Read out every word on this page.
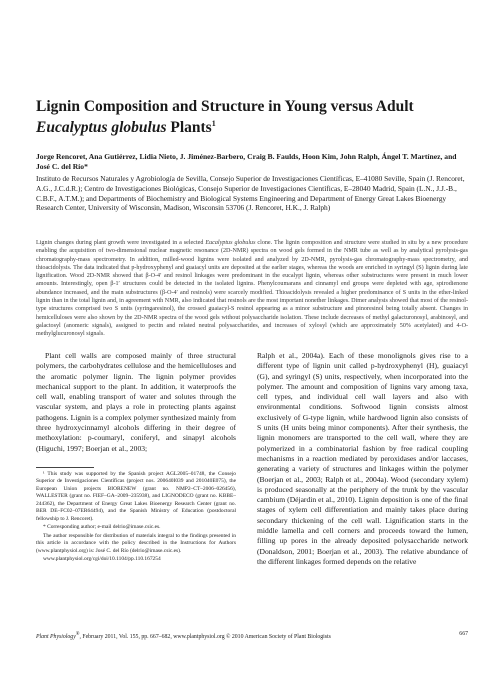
Lignin Composition and Structure in Young versus Adult
Eucalyptus globulus Plants$^1$
Jorge Rencoret, Ana Gutiérrez, Lidia Nieto, J. Jiménez-Barbero, Craig B. Faulds, Hoon Kim, John Ralph, Ángel T. Martínez, and José C. del Río*
Instituto de Recursos Naturales y Agrobiología de Sevilla, Consejo Superior de Investigaciones Científicas, E–41080 Seville, Spain (J. Rencoret, A.G., J.C.d.R.); Centro de Investigaciones Biológicas, Consejo Superior de Investigaciones Científicas, E–28040 Madrid, Spain (L.N., J.J.-B., C.B.F., A.T.M.); and Departments of Biochemistry and Biological Systems Engineering and Department of Energy Great Lakes Bioenergy Research Center, University of Wisconsin, Madison, Wisconsin 53706 (J. Rencoret, H.K., J. Ralph)
Lignin changes during plant growth were investigated in a selected Eucalyptus globulus clone. The lignin composition and structure were studied in situ by a new procedure enabling the acquisition of two-dimensional nuclear magnetic resonance (2D-NMR) spectra on wood gels formed in the NMR tube as well as by analytical pyrolysis-gas chromatography-mass spectrometry. In addition, milled-wood lignins were isolated and analyzed by 2D-NMR, pyrolysis-gas chromatography-mass spectrometry, and thioacidolysis. The data indicated that p-hydroxyphenyl and guaiacyl units are deposited at the earlier stages, whereas the woods are enriched in syringyl (S) lignin during late lignification. Wood 2D-NMR showed that β-O-4′ and resinol linkages were predominant in the eucalypt lignin, whereas other substructures were present in much lower amounts. Interestingly, open β-1′ structures could be detected in the isolated lignins. Phenylcoumarans and cinnamyl end groups were depleted with age, spirodienone abundance increased, and the main substructures (β-O-4′ and resinols) were scarcely modified. Thioacidolysis revealed a higher predominance of S units in the ether-linked lignin than in the total lignin and, in agreement with NMR, also indicated that resinols are the most important nonether linkages. Dimer analysis showed that most of the resinol-type structures comprised two S units (syringaresinol), the crossed guaiacyl-S resinol appearing as a minor substructure and pinoresinol being totally absent. Changes in hemicelluloses were also shown by the 2D-NMR spectra of the wood gels without polysaccharide isolation. These include decreases of methyl galacturonosyl, arabinosyl, and galactosyl (anomeric signals), assigned to pectin and related neutral polysaccharides, and increases of xylosyl (which are approximately 50% acetylated) and 4-O-methylglucuronosyl signals.

Plant cell walls are composed mainly of three structural polymers, the carbohydrates cellulose and the hemicelluloses and the aromatic polymer lignin. The lignin polymer provides mechanical support to the plant. In addition, it waterproofs the cell wall, enabling transport of water and solutes through the vascular system, and plays a role in protecting plants against pathogens. Lignin is a complex polymer synthesized mainly from three hydroxycinnamyl alcohols differing in their degree of methoxylation: p-coumaryl, coniferyl, and sinapyl alcohols (Higuchi, 1997; Boerjan et al., 2003;

Ralph et al., 2004a). Each of these monolignols gives rise to a different type of lignin unit called p-hydroxyphenyl (H), guaiacyl (G), and syringyl (S) units, respectively, when incorporated into the polymer. The amount and composition of lignins vary among taxa, cell types, and individual cell wall layers and also with environmental conditions. Softwood lignin consists almost exclusively of G-type lignin, while hardwood lignin also consists of S units (H units being minor components). After their synthesis, the lignin monomers are transported to the cell wall, where they are polymerized in a combinatorial fashion by free radical coupling mechanisms in a reaction mediated by peroxidases and/or laccases, generating a variety of structures and linkages within the polymer (Boerjan et al., 2003; Ralph et al., 2004a). Wood (secondary xylem) is produced seasonally at the periphery of the trunk by the vascular cambium (Déjardin et al., 2010). Lignin deposition is one of the final stages of xylem cell differentiation and mainly takes place during secondary thickening of the cell wall. Lignification starts in the middle lamella and cell corners and proceeds toward the lumen, filling up pores in the already deposited polysaccharide network (Donaldson, 2001; Boerjan et al., 2003). The relative abundance of the different linkages formed depends on the relative

¹ This study was supported by the Spanish project AGL2005–01748, the Consejo Superior de Investigaciones Científicas (project nos. 200640I039 and 201040E075), the European Union projects BIORENEW (grant no. NMP2–CT–2006–026456), WALLESTER (grant no. FIEF–GA–2009–235938), and LIGNODECO (grant no. KBBE–244362), the Department of Energy Great Lakes Bioenergy Research Center (grant no. BER DE–FC02–07ER64494), and the Spanish Ministry of Education (postdoctoral fellowship to J. Rencoret).

* Corresponding author; e-mail delrio@irnase.csic.es.

The author responsible for distribution of materials integral to the findings presented in this article in accordance with the policy described in the Instructions for Authors (www.plantphysiol.org) is: José C. del Río (delrio@irnase.csic.es).

www.plantphysiol.org/cgi/doi/10.1104/pp.110.167254

Plant Physiology®, February 2011, Vol. 155, pp. 667–682, www.plantphysiol.org © 2010 American Society of Plant Biologists	667
